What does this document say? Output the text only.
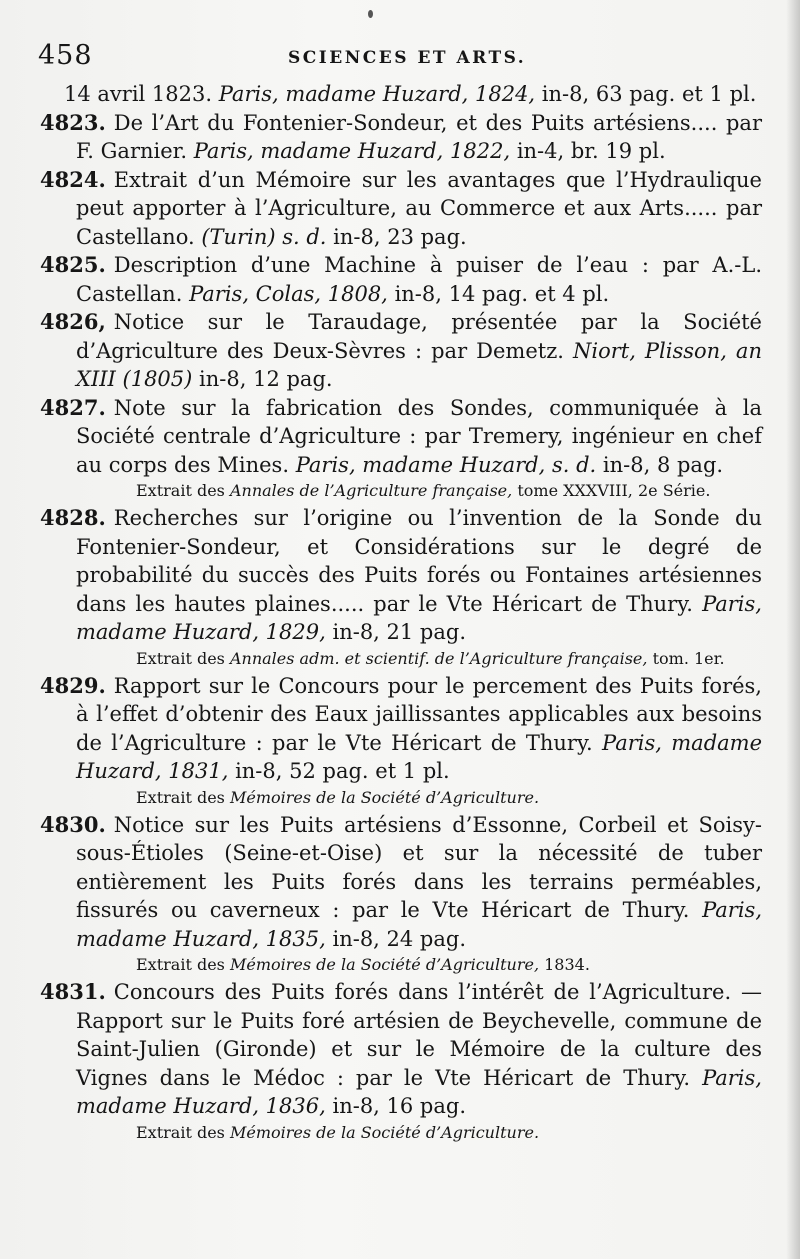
458	SCIENCES ET ARTS.

14 avril 1823. Paris, madame Huzard, 1824, in-8, 63 pag. et 1 pl.

4823. De l’Art du Fontenier-Sondeur, et des Puits artésiens.... par F. Garnier. Paris, madame Huzard, 1822, in-4, br. 19 pl.

4824. Extrait d’un Mémoire sur les avantages que l’Hydraulique peut apporter à l’Agriculture, au Commerce et aux Arts..... par Castellano. (Turin) s. d. in-8, 23 pag.

4825. Description d’une Machine à puiser de l’eau : par A.-L. Castellan. Paris, Colas, 1808, in-8, 14 pag. et 4 pl.

4826, Notice sur le Taraudage, présentée par la Société d’Agriculture des Deux-Sèvres : par Demetz. Niort, Plisson, an XIII (1805) in-8, 12 pag.

4827. Note sur la fabrication des Sondes, communiquée à la Société centrale d’Agriculture : par Tremery, ingénieur en chef au corps des Mines. Paris, madame Huzard, s. d. in-8, 8 pag.

Extrait des Annales de l’Agriculture française, tome XXXVIII, 2e Série.

4828. Recherches sur l’origine ou l’invention de la Sonde du Fontenier-Sondeur, et Considérations sur le degré de probabilité du succès des Puits forés ou Fontaines artésiennes dans les hautes plaines..... par le Vte Héricart de Thury. Paris, madame Huzard, 1829, in-8, 21 pag.

Extrait des Annales adm. et scientif. de l’Agriculture française, tom. 1er.

4829. Rapport sur le Concours pour le percement des Puits forés, à l’effet d’obtenir des Eaux jaillissantes applicables aux besoins de l’Agriculture : par le Vte Héricart de Thury. Paris, madame Huzard, 1831, in-8, 52 pag. et 1 pl.

Extrait des Mémoires de la Société d’Agriculture.

4830. Notice sur les Puits artésiens d’Essonne, Corbeil et Soisy-sous-Étioles (Seine-et-Oise) et sur la nécessité de tuber entièrement les Puits forés dans les terrains perméables, fissurés ou caverneux : par le Vte Héricart de Thury. Paris, madame Huzard, 1835, in-8, 24 pag.

Extrait des Mémoires de la Société d’Agriculture, 1834.

4831. Concours des Puits forés dans l’intérêt de l’Agriculture. — Rapport sur le Puits foré artésien de Beychevelle, commune de Saint-Julien (Gironde) et sur le Mémoire de la culture des Vignes dans le Médoc : par le Vte Héricart de Thury. Paris, madame Huzard, 1836, in-8, 16 pag.

Extrait des Mémoires de la Société d’Agriculture.
